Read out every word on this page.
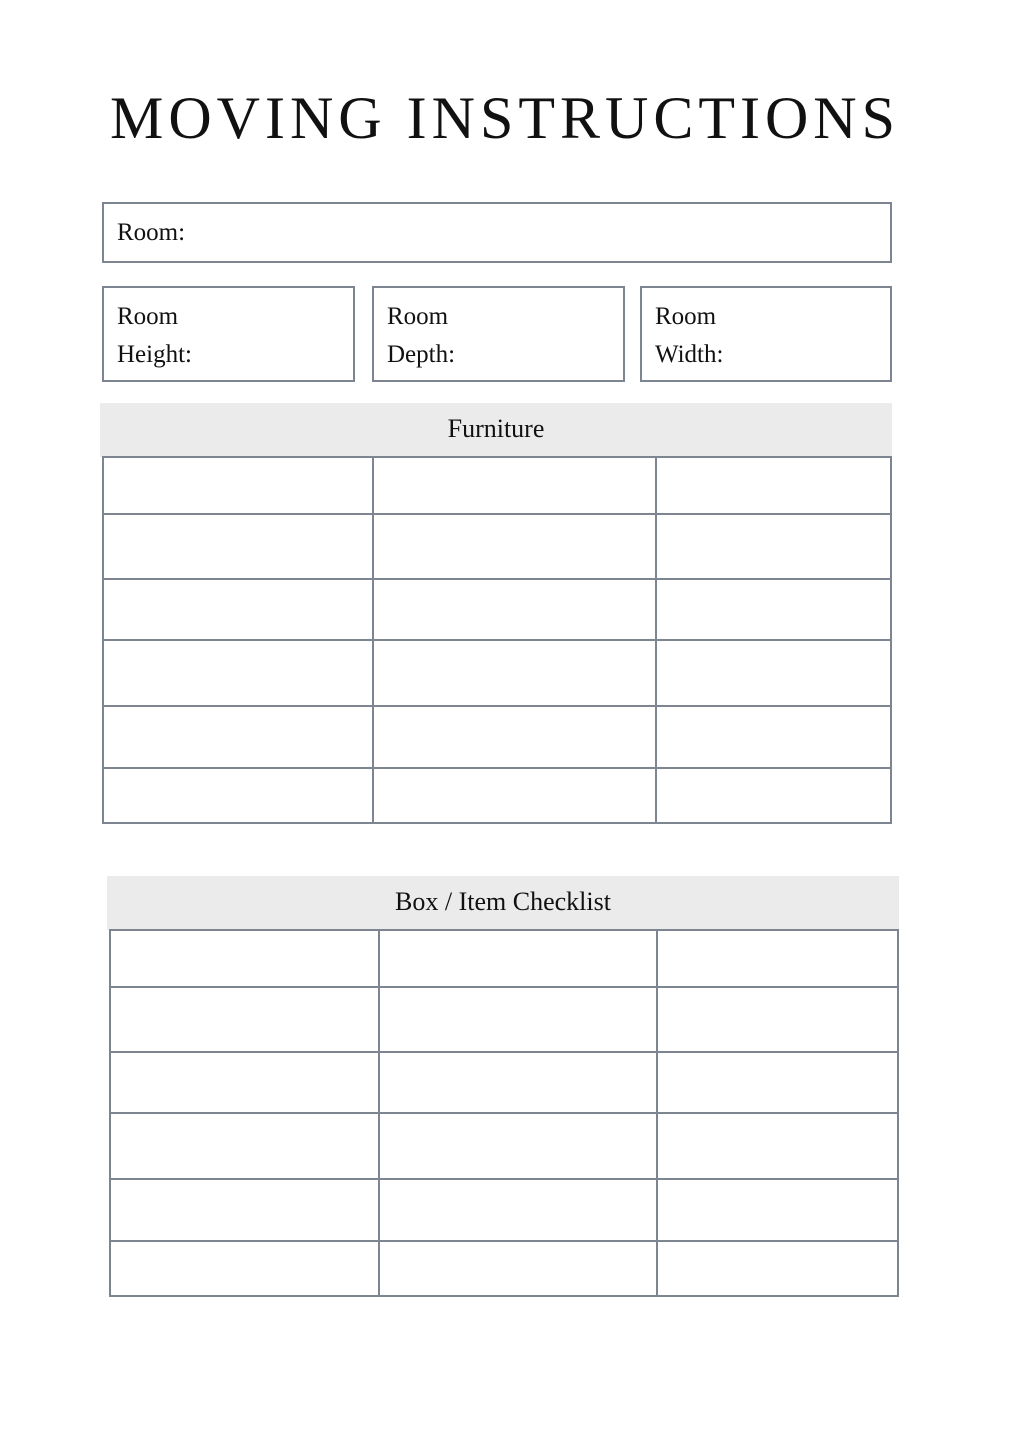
MOVING INSTRUCTIONS
Room:
Room
Height:
Room
Depth:
Room
Width:
Furniture

Box / Item Checklist
